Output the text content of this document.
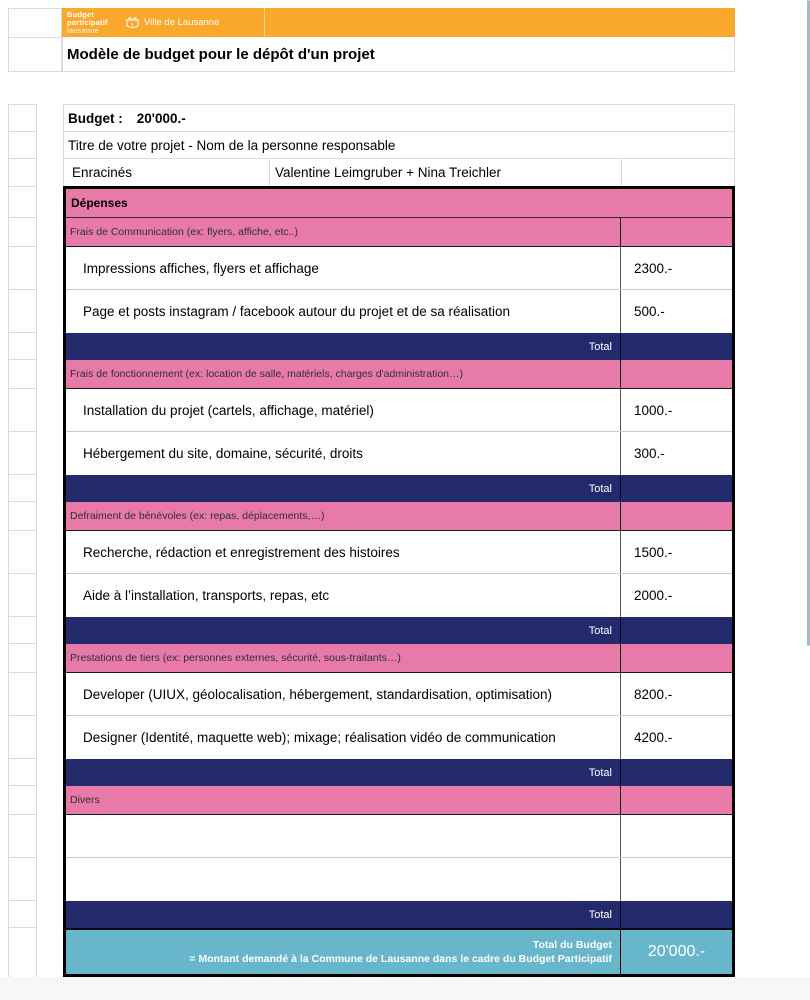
Budget
participatif
lausanne
Ville de Lausanne
Modèle de budget pour le dépôt d'un projet
Budget : 20'000.-
Titre de votre projet - Nom de la personne responsable
Enracinés	Valentine Leimgruber + Nina Treichler
Dépenses
Frais de Communication (ex: flyers, affiche, etc..)
Impressions affiches, flyers et affichage	2300.-
Page et posts instagram / facebook autour du projet et de sa réalisation	500.-
Total
Frais de fonctionnement (ex: location de salle, matériels, charges d'administration…)
Installation du projet (cartels, affichage, matériel)	1000.-
Hébergement du site, domaine, sécurité, droits	300.-
Total
Defraiment de bénévoles (ex: repas, déplacements,…)
Recherche, rédaction et enregistrement des histoires	1500.-
Aide à l’installation, transports, repas, etc	2000.-
Total
Prestations de tiers (ex: personnes externes, sécurité, sous-traitants…)
Developer (UIUX, géolocalisation, hébergement, standardisation, optimisation)	8200.-
Designer (Identité, maquette web); mixage; réalisation vidéo de communication	4200.-
Total
Divers
Total
Total du Budget
= Montant demandé à la Commune de Lausanne dans le cadre du Budget Participatif	20'000.-
